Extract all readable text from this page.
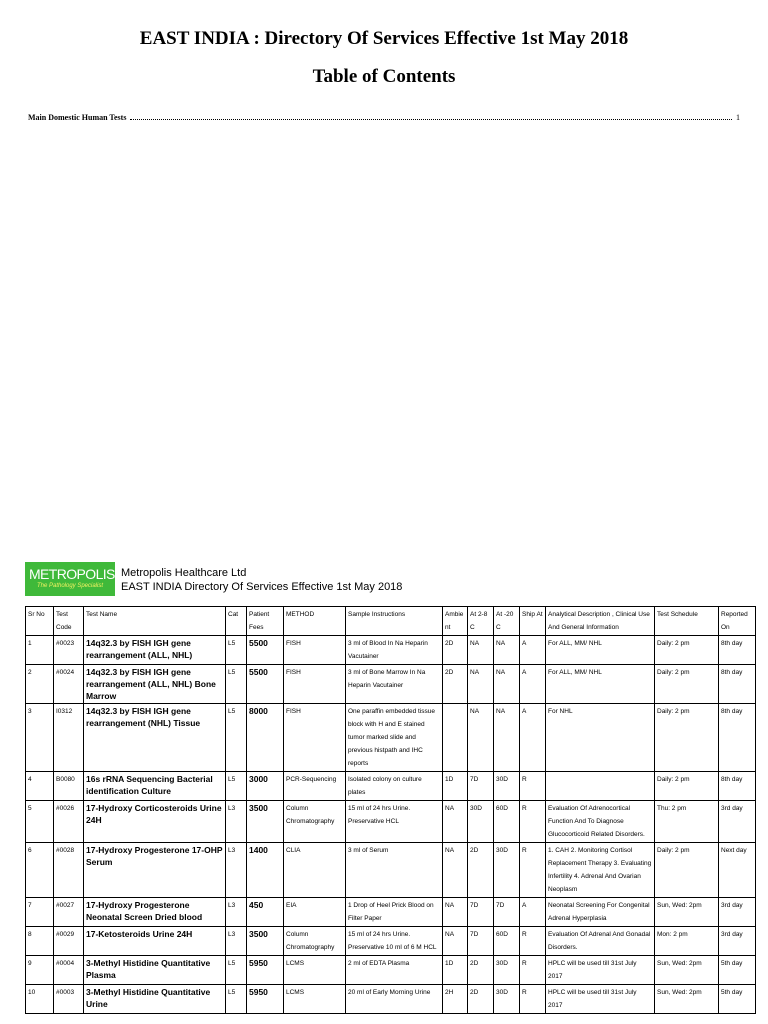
EAST INDIA : Directory Of Services Effective 1st May 2018
Table of Contents
Main Domestic Human Tests	1
METROPOLIS
The Pathology Specialist
Metropolis Healthcare Ltd
EAST INDIA Directory Of Services Effective 1st May 2018
Sr No	Test Code	Test Name	Cat	Patient Fees	METHOD	Sample Instructions	Ambient	At 2-8 C	At -20 C	Ship At	Analytical Description , Clinical Use And General Information	Test Schedule	Reported On
1	#0023	14q32.3 by FISH IGH gene rearrangement (ALL, NHL)	L5	5500	FISH	3 ml of Blood In Na Heparin Vacutainer	2D	NA	NA	A	For ALL, MM/ NHL	Daily: 2 pm	8th day
2	#0024	14q32.3 by FISH IGH gene rearrangement (ALL, NHL) Bone Marrow	L5	5500	FISH	3 ml of Bone Marrow In Na Heparin Vacutainer	2D	NA	NA	A	For ALL, MM/ NHL	Daily: 2 pm	8th day
3	I0312	14q32.3 by FISH IGH gene rearrangement (NHL) Tissue	L5	8000	FISH	One paraffin embedded tissue block with H and E stained tumor marked slide and previous histpath and IHC reports		NA	NA	A	For NHL	Daily: 2 pm	8th day
4	B0080	16s rRNA Sequencing Bacterial identification Culture	L5	3000	PCR-Sequencing	Isolated colony on culture plates	1D	7D	30D	R		Daily: 2 pm	8th day
5	#0026	17-Hydroxy Corticosteroids Urine 24H	L3	3500	Column Chromatography	15 ml of 24 hrs Urine. Preservative HCL	NA	30D	60D	R	Evaluation Of Adrenocortical Function And To Diagnose Glucocorticoid Related Disorders.	Thu: 2 pm	3rd day
6	#0028	17-Hydroxy Progesterone 17-OHP Serum	L3	1400	CLIA	3 ml of Serum	NA	2D	30D	R	1. CAH 2. Monitoring Cortisol Replacement Therapy 3. Evaluating Infertility 4. Adrenal And Ovarian Neoplasm	Daily: 2 pm	Next day
7	#0027	17-Hydroxy Progesterone Neonatal Screen Dried blood	L3	450	EIA	1 Drop of Heel Prick Blood on Filter Paper	NA	7D	7D	A	Neonatal Screening For Congenital Adrenal Hyperplasia	Sun, Wed: 2pm	3rd day
8	#0029	17-Ketosteroids Urine 24H	L3	3500	Column Chromatography	15 ml of 24 hrs Urine. Preservative 10 ml of 6 M HCL	NA	7D	60D	R	Evaluation Of Adrenal And Gonadal Disorders.	Mon: 2 pm	3rd day
9	#0004	3-Methyl Histidine Quantitative Plasma	L5	5950	LCMS	2 ml of EDTA Plasma	1D	2D	30D	R	HPLC will be used till 31st July 2017	Sun, Wed: 2pm	5th day
10	#0003	3-Methyl Histidine Quantitative Urine	L5	5950	LCMS	20 ml of Early Morning Urine	2H	2D	30D	R	HPLC will be used till 31st July 2017	Sun, Wed: 2pm	5th day
